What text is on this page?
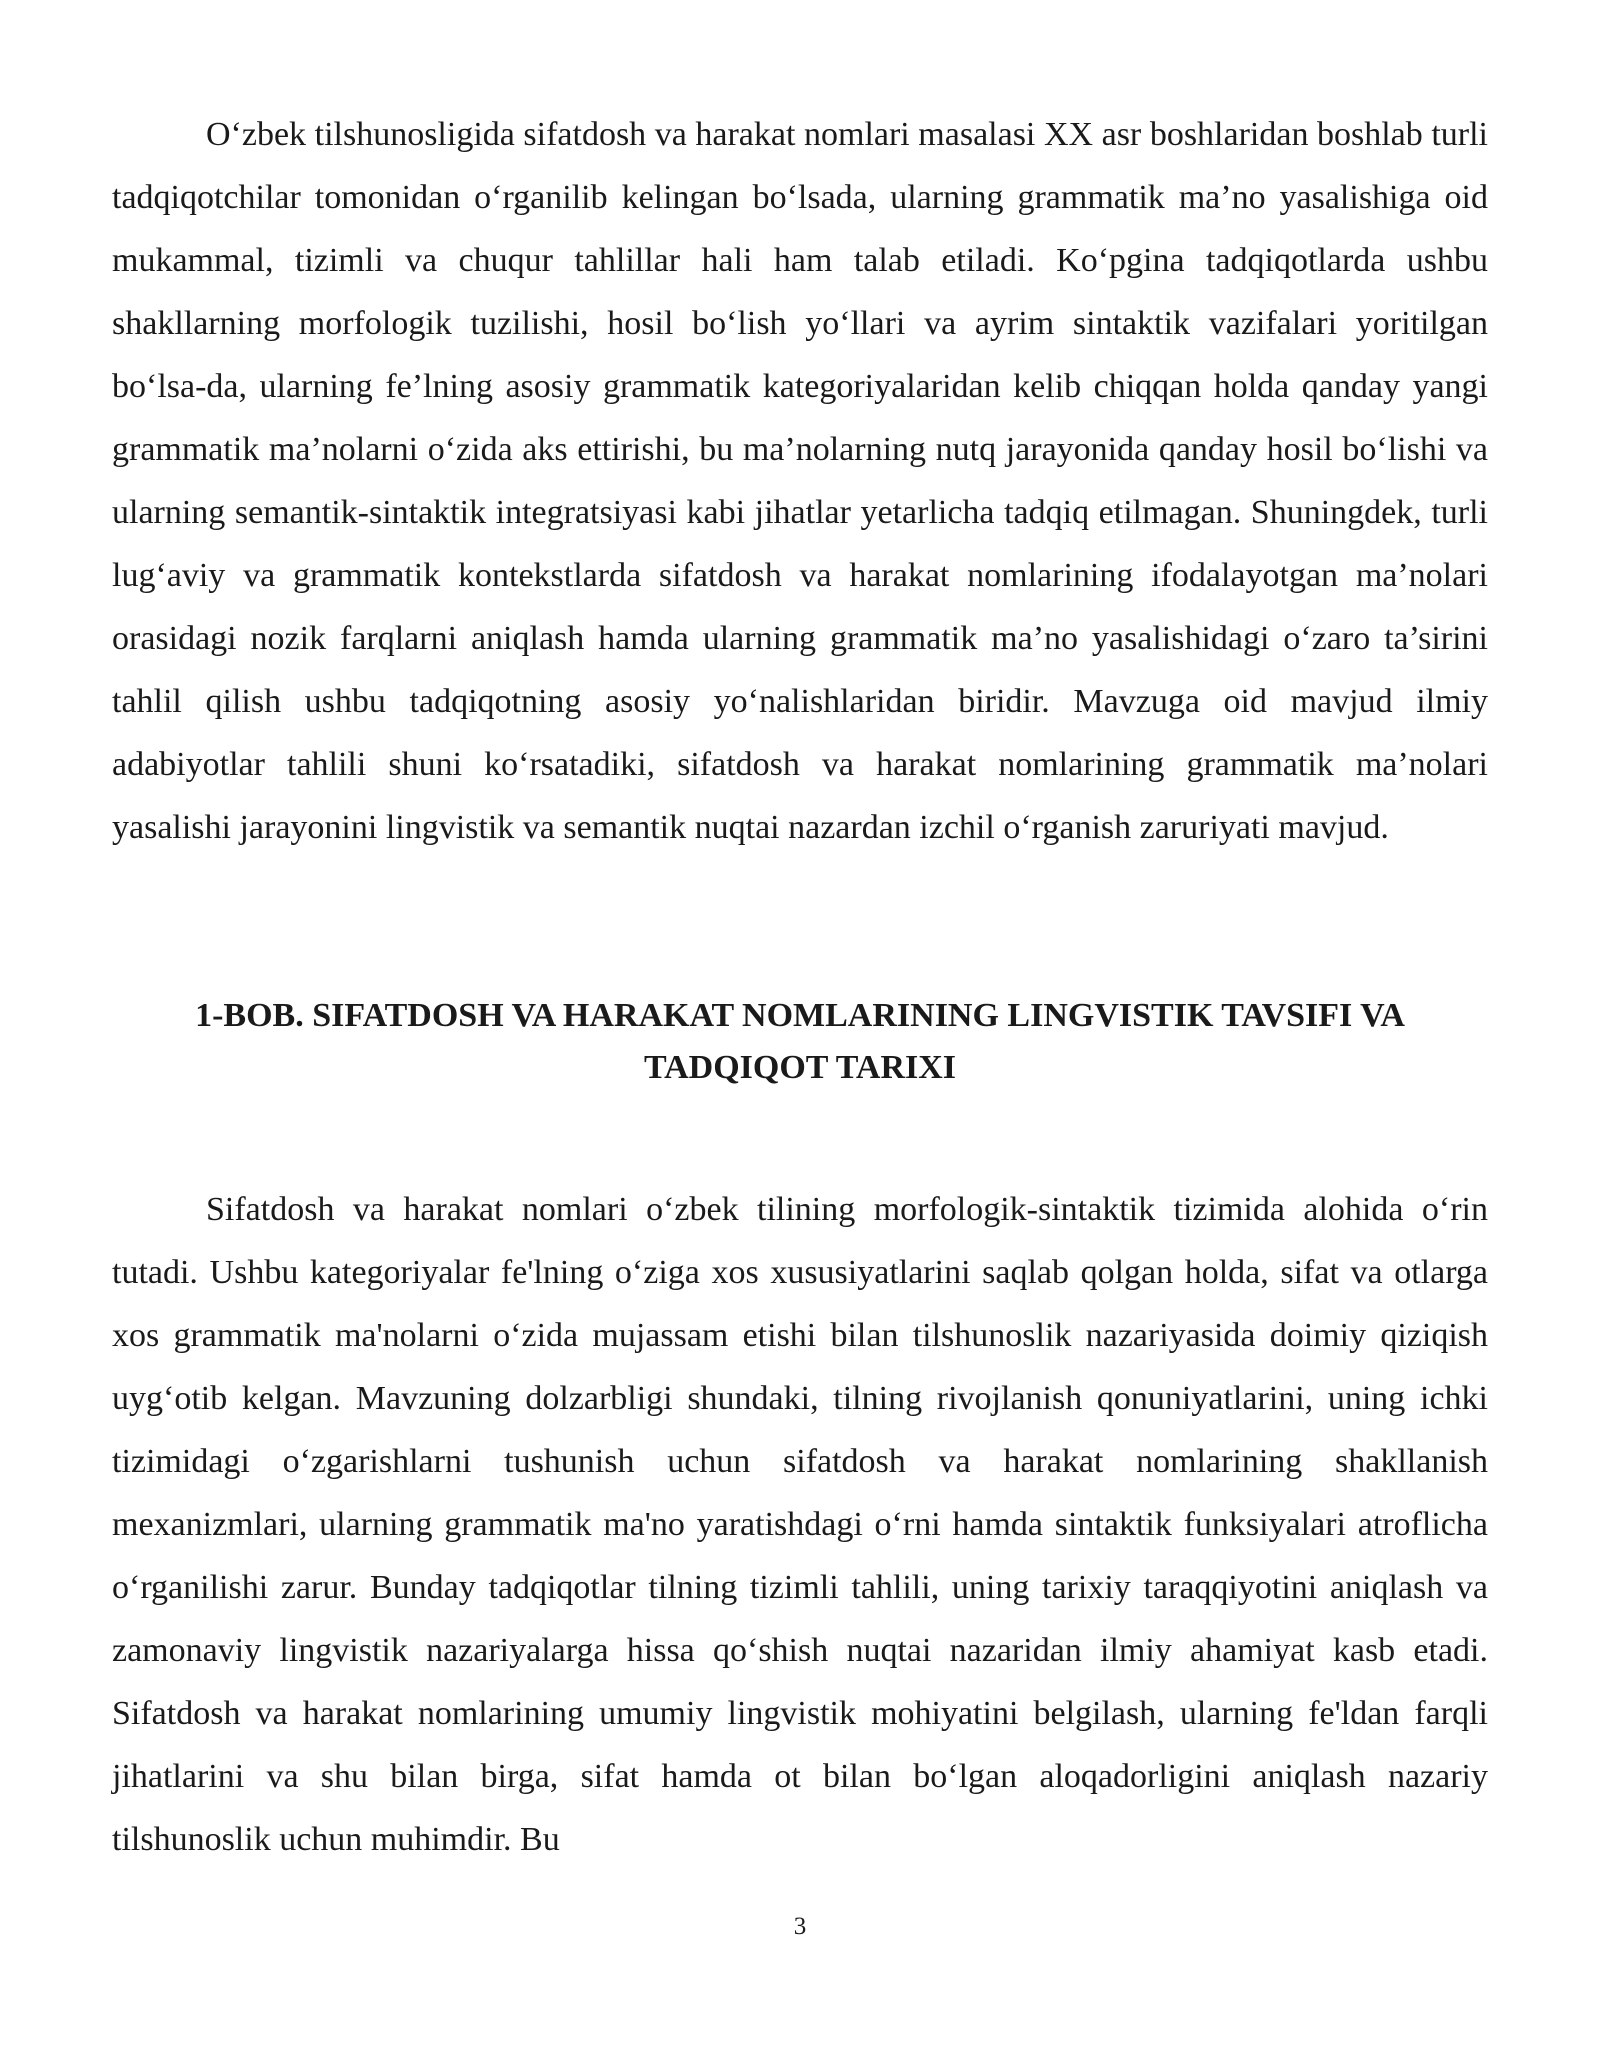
O‘zbek tilshunosligida sifatdosh va harakat nomlari masalasi XX asr boshlaridan boshlab turli tadqiqotchilar tomonidan o‘rganilib kelingan bo‘lsada, ularning grammatik ma’no yasalishiga oid mukammal, tizimli va chuqur tahlillar hali ham talab etiladi. Ko‘pgina tadqiqotlarda ushbu shakllarning morfologik tuzilishi, hosil bo‘lish yo‘llari va ayrim sintaktik vazifalari yoritilgan bo‘lsa-da, ularning fe’lning asosiy grammatik kategoriyalaridan kelib chiqqan holda qanday yangi grammatik ma’nolarni o‘zida aks ettirishi, bu ma’nolarning nutq jarayonida qanday hosil bo‘lishi va ularning semantik-sintaktik integratsiyasi kabi jihatlar yetarlicha tadqiq etilmagan. Shuningdek, turli lug‘aviy va grammatik kontekstlarda sifatdosh va harakat nomlarining ifodalayotgan ma’nolari orasidagi nozik farqlarni aniqlash hamda ularning grammatik ma’no yasalishidagi o‘zaro ta’sirini tahlil qilish ushbu tadqiqotning asosiy yo‘nalishlaridan biridir. Mavzuga oid mavjud ilmiy adabiyotlar tahlili shuni ko‘rsatadiki, sifatdosh va harakat nomlarining grammatik ma’nolari yasalishi jarayonini lingvistik va semantik nuqtai nazardan izchil o‘rganish zaruriyati mavjud.

1-BOB. SIFATDOSH VA HARAKAT NOMLARINING LINGVISTIK TAVSIFI VA
TADQIQOT TARIXI

Sifatdosh va harakat nomlari o‘zbek tilining morfologik-sintaktik tizimida alohida o‘rin tutadi. Ushbu kategoriyalar fe'lning o‘ziga xos xususiyatlarini saqlab qolgan holda, sifat va otlarga xos grammatik ma'nolarni o‘zida mujassam etishi bilan tilshunoslik nazariyasida doimiy qiziqish uyg‘otib kelgan. Mavzuning dolzarbligi shundaki, tilning rivojlanish qonuniyatlarini, uning ichki tizimidagi o‘zgarishlarni tushunish uchun sifatdosh va harakat nomlarining shakllanish mexanizmlari, ularning grammatik ma'no yaratishdagi o‘rni hamda sintaktik funksiyalari atroflicha o‘rganilishi zarur. Bunday tadqiqotlar tilning tizimli tahlili, uning tarixiy taraqqiyotini aniqlash va zamonaviy lingvistik nazariyalarga hissa qo‘shish nuqtai nazaridan ilmiy ahamiyat kasb etadi. Sifatdosh va harakat nomlarining umumiy lingvistik mohiyatini belgilash, ularning fe'ldan farqli jihatlarini va shu bilan birga, sifat hamda ot bilan bo‘lgan aloqadorligini aniqlash nazariy tilshunoslik uchun muhimdir. Bu

3
